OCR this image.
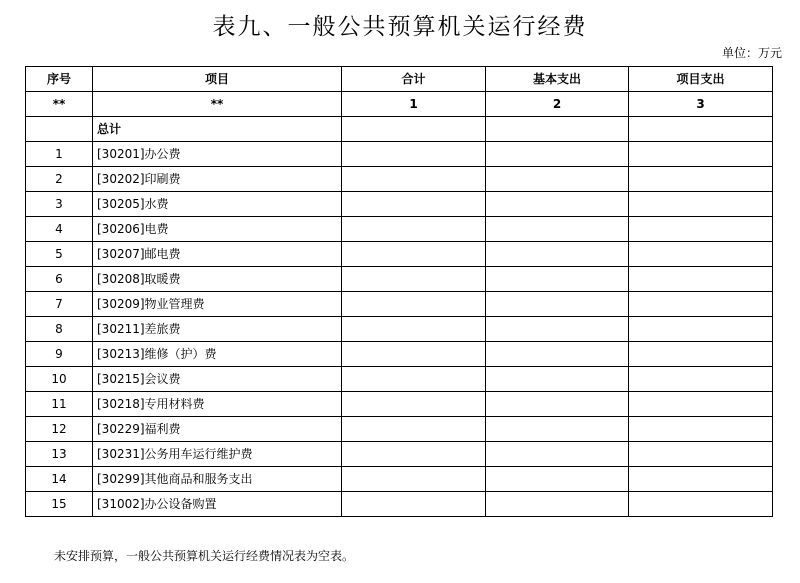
表九、一般公共预算机关运行经费
单位：万元
序号	项目	合计	基本支出	项目支出
**	**	1	2	3
	总计			
1	[30201]办公费			
2	[30202]印刷费			
3	[30205]水费			
4	[30206]电费			
5	[30207]邮电费			
6	[30208]取暖费			
7	[30209]物业管理费			
8	[30211]差旅费			
9	[30213]维修（护）费			
10	[30215]会议费			
11	[30218]专用材料费			
12	[30229]福利费			
13	[30231]公务用车运行维护费			
14	[30299]其他商品和服务支出			
15	[31002]办公设备购置			
未安排预算，一般公共预算机关运行经费情况表为空表。
